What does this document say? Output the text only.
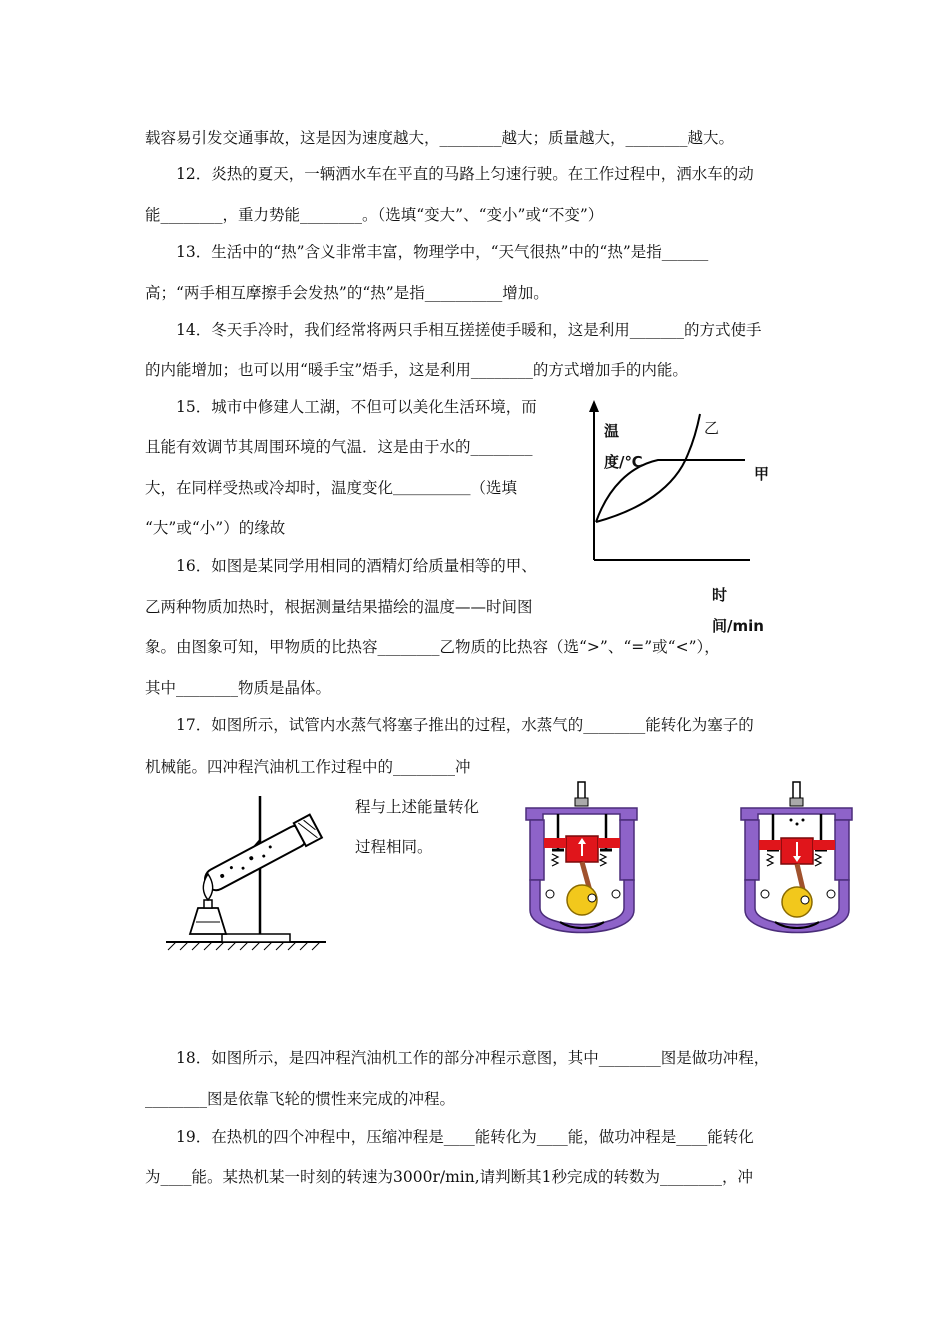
载容易引发交通事故，这是因为速度越大，________越大；质量越大，________越大。
12．炎热的夏天，一辆洒水车在平直的马路上匀速行驶。在工作过程中，洒水车的动
能________，重力势能________。（选填“变大”、“变小”或“不变”）
13．生活中的“热”含义非常丰富，物理学中，“天气很热”中的“热”是指______
高；“两手相互摩擦手会发热”的“热”是指__________增加。
14．冬天手冷时，我们经常将两只手相互搓搓使手暖和，这是利用_______的方式使手
的内能增加；也可以用“暖手宝”焐手，这是利用________的方式增加手的内能。
15．城市中修建人工湖，不但可以美化生活环境，而
且能有效调节其周围环境的气温．这是由于水的________
大，在同样受热或冷却时，温度变化＿＿＿＿＿（选填
“大”或“小”）的缘故
16．如图是某同学用相同的酒精灯给质量相等的甲、
乙两种物质加热时，根据测量结果描绘的温度——时间图
象。由图象可知，甲物质的比热容________乙物质的比热容（选“>”、“=”或“<”），
其中________物质是晶体。
17．如图所示，试管内水蒸气将塞子推出的过程，水蒸气的________能转化为塞子的
机械能。四冲程汽油机工作过程中的________冲
程与上述能量转化
过程相同。
18．如图所示，是四冲程汽油机工作的部分冲程示意图，其中________图是做功冲程，
________图是依靠飞轮的惯性来完成的冲程。
19．在热机的四个冲程中，压缩冲程是____能转化为____能，做功冲程是____能转化
为____能。某热机某一时刻的转速为3000r/min,请判断其1秒完成的转数为________，冲
温
度/℃
乙
甲
时
间/min
